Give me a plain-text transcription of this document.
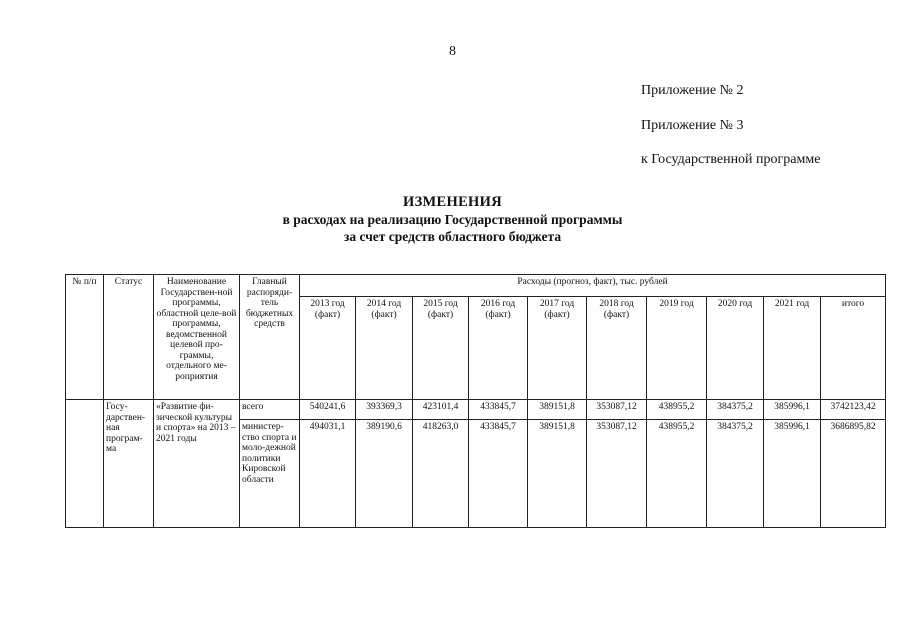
8
Приложение № 2
Приложение № 3
к Государственной программе
ИЗМЕНЕНИЯ
в расходах на реализацию Государственной программы
за счет средств областного бюджета
№ п/п	Статус	Наименование Государствен-ной программы, областной целе-вой программы, ведомственной целевой про-граммы, отдельного ме-роприятия	Главный распоряди-тель бюджетных средств	Расходы (прогноз, факт), тыс. рублей									
				2013 год (факт)	2014 год (факт)	2015 год (факт)	2016 год (факт)	2017 год (факт)	2018 год (факт)	2019 год	2020 год	2021 год	итого
	Госу-дарствен-ная програм-ма	«Развитие фи-зической культуры и спорта» на 2013 – 2021 годы	всего	540241,6	393369,3	423101,4	433845,7	389151,8	353087,12	438955,2	384375,2	385996,1	3742123,42
			министер-ство спорта и моло-дежной политики Кировской области	494031,1	389190,6	418263,0	433845,7	389151,8	353087,12	438955,2	384375,2	385996,1	3686895,82
